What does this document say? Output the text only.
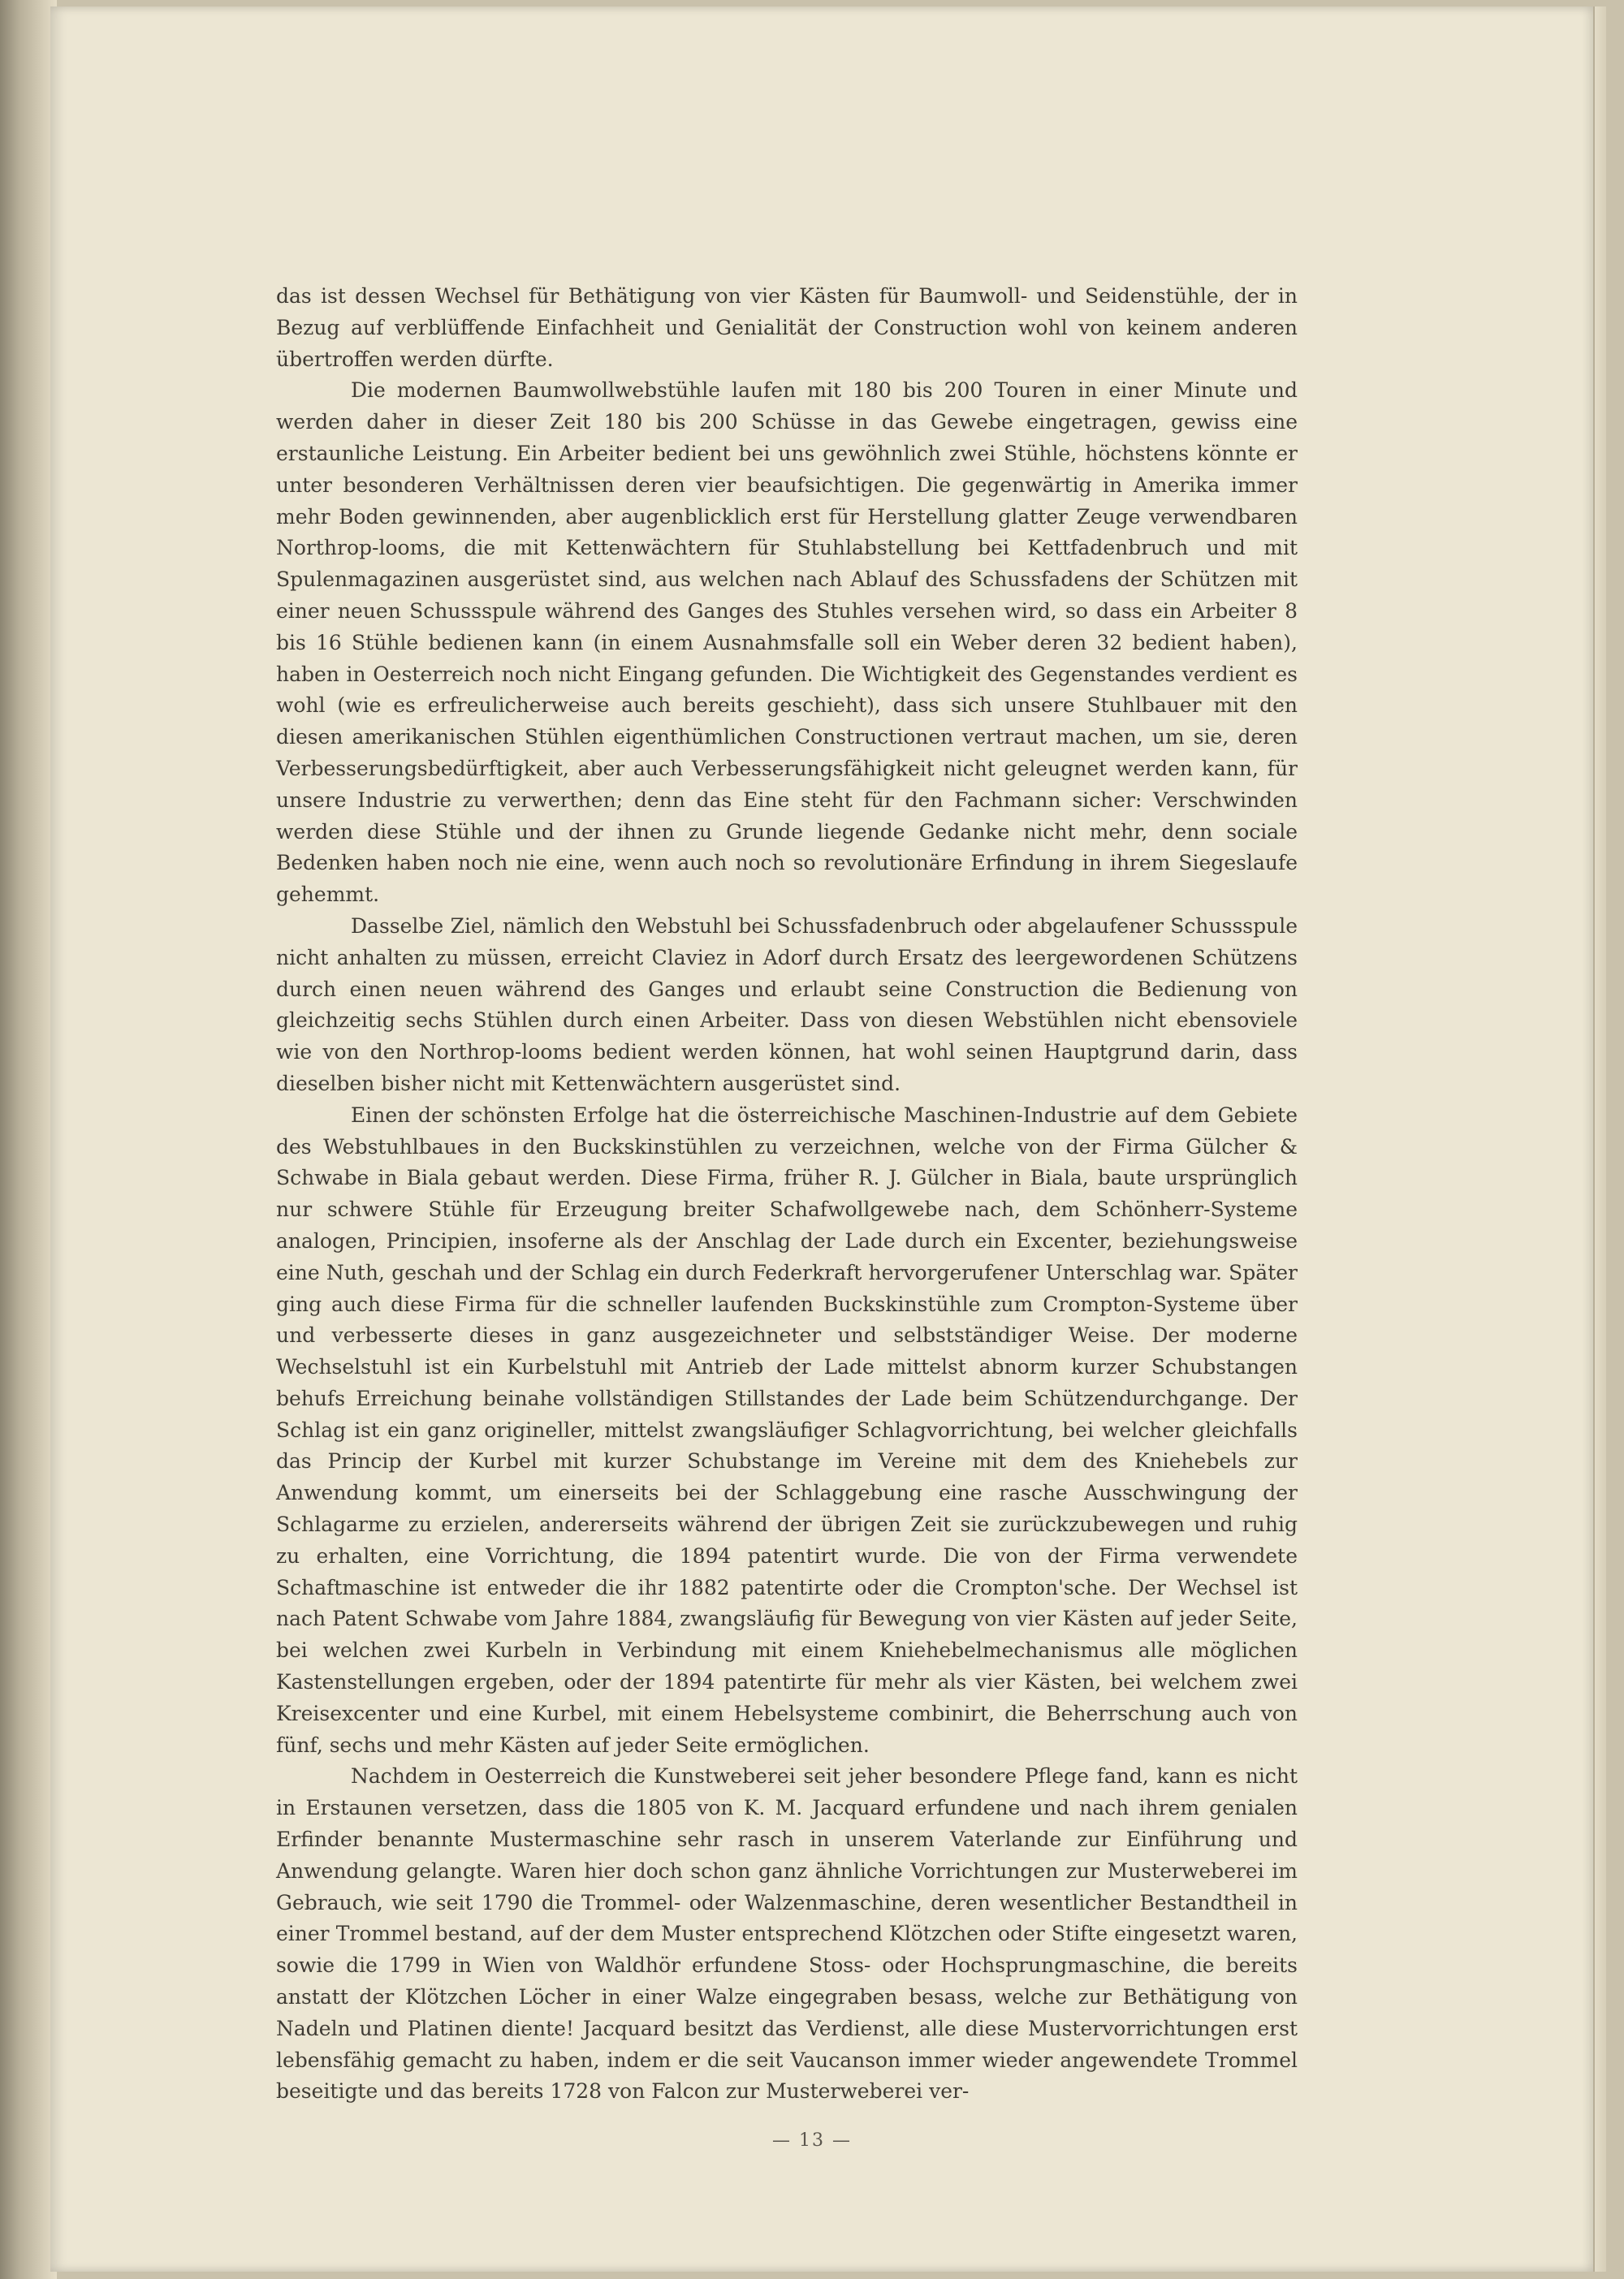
das ist dessen Wechsel für Bethätigung von vier Kästen für Baumwoll- und Seidenstühle, der in Bezug auf verblüffende Einfachheit und Genialität der Construction wohl von keinem anderen übertroffen werden dürfte.

Die modernen Baumwollwebstühle laufen mit 180 bis 200 Touren in einer Minute und werden daher in dieser Zeit 180 bis 200 Schüsse in das Gewebe eingetragen, gewiss eine erstaunliche Leistung. Ein Arbeiter bedient bei uns gewöhnlich zwei Stühle, höchstens könnte er unter besonderen Verhältnissen deren vier beaufsichtigen. Die gegenwärtig in Amerika immer mehr Boden gewinnenden, aber augenblicklich erst für Herstellung glatter Zeuge verwendbaren Northrop-looms, die mit Kettenwächtern für Stuhlabstellung bei Kettfadenbruch und mit Spulenmagazinen ausgerüstet sind, aus welchen nach Ablauf des Schussfadens der Schützen mit einer neuen Schussspule während des Ganges des Stuhles versehen wird, so dass ein Arbeiter 8 bis 16 Stühle bedienen kann (in einem Ausnahmsfalle soll ein Weber deren 32 bedient haben), haben in Oesterreich noch nicht Eingang gefunden. Die Wichtigkeit des Gegenstandes verdient es wohl (wie es erfreulicherweise auch bereits geschieht), dass sich unsere Stuhlbauer mit den diesen amerikanischen Stühlen eigenthümlichen Constructionen vertraut machen, um sie, deren Verbesserungsbedürftigkeit, aber auch Verbesserungsfähigkeit nicht geleugnet werden kann, für unsere Industrie zu verwerthen; denn das Eine steht für den Fachmann sicher: Verschwinden werden diese Stühle und der ihnen zu Grunde liegende Gedanke nicht mehr, denn sociale Bedenken haben noch nie eine, wenn auch noch so revolutionäre Erfindung in ihrem Siegeslaufe gehemmt.

Dasselbe Ziel, nämlich den Webstuhl bei Schussfadenbruch oder abgelaufener Schussspule nicht anhalten zu müssen, erreicht Claviez in Adorf durch Ersatz des leergewordenen Schützens durch einen neuen während des Ganges und erlaubt seine Construction die Bedienung von gleichzeitig sechs Stühlen durch einen Arbeiter. Dass von diesen Webstühlen nicht ebensoviele wie von den Northrop-looms bedient werden können, hat wohl seinen Hauptgrund darin, dass dieselben bisher nicht mit Kettenwächtern ausgerüstet sind.

Einen der schönsten Erfolge hat die österreichische Maschinen-Industrie auf dem Gebiete des Webstuhlbaues in den Buckskinstühlen zu verzeichnen, welche von der Firma Gülcher & Schwabe in Biala gebaut werden. Diese Firma, früher R. J. Gülcher in Biala, baute ursprünglich nur schwere Stühle für Erzeugung breiter Schafwollgewebe nach, dem Schönherr-Systeme analogen, Principien, insoferne als der Anschlag der Lade durch ein Excenter, beziehungsweise eine Nuth, geschah und der Schlag ein durch Federkraft hervorgerufener Unterschlag war. Später ging auch diese Firma für die schneller laufenden Buckskinstühle zum Crompton-Systeme über und verbesserte dieses in ganz ausgezeichneter und selbstständiger Weise. Der moderne Wechselstuhl ist ein Kurbelstuhl mit Antrieb der Lade mittelst abnorm kurzer Schubstangen behufs Erreichung beinahe vollständigen Stillstandes der Lade beim Schützendurchgange. Der Schlag ist ein ganz origineller, mittelst zwangsläufiger Schlagvorrichtung, bei welcher gleichfalls das Princip der Kurbel mit kurzer Schubstange im Vereine mit dem des Kniehebels zur Anwendung kommt, um einerseits bei der Schlaggebung eine rasche Ausschwingung der Schlagarme zu erzielen, andererseits während der übrigen Zeit sie zurückzubewegen und ruhig zu erhalten, eine Vorrichtung, die 1894 patentirt wurde. Die von der Firma verwendete Schaftmaschine ist entweder die ihr 1882 patentirte oder die Crompton'sche. Der Wechsel ist nach Patent Schwabe vom Jahre 1884, zwangsläufig für Bewegung von vier Kästen auf jeder Seite, bei welchen zwei Kurbeln in Verbindung mit einem Kniehebelmechanismus alle möglichen Kastenstellungen ergeben, oder der 1894 patentirte für mehr als vier Kästen, bei welchem zwei Kreisexcenter und eine Kurbel, mit einem Hebelsysteme combinirt, die Beherrschung auch von fünf, sechs und mehr Kästen auf jeder Seite ermöglichen.

Nachdem in Oesterreich die Kunstweberei seit jeher besondere Pflege fand, kann es nicht in Erstaunen versetzen, dass die 1805 von K. M. Jacquard erfundene und nach ihrem genialen Erfinder benannte Mustermaschine sehr rasch in unserem Vaterlande zur Einführung und Anwendung gelangte. Waren hier doch schon ganz ähnliche Vorrichtungen zur Musterweberei im Gebrauch, wie seit 1790 die Trommel- oder Walzenmaschine, deren wesentlicher Bestandtheil in einer Trommel bestand, auf der dem Muster entsprechend Klötzchen oder Stifte eingesetzt waren, sowie die 1799 in Wien von Waldhör erfundene Stoss- oder Hochsprungmaschine, die bereits anstatt der Klötzchen Löcher in einer Walze eingegraben besass, welche zur Bethätigung von Nadeln und Platinen diente! Jacquard besitzt das Verdienst, alle diese Mustervorrichtungen erst lebensfähig gemacht zu haben, indem er die seit Vaucanson immer wieder angewendete Trommel beseitigte und das bereits 1728 von Falcon zur Musterweberei ver-

— 13 —
